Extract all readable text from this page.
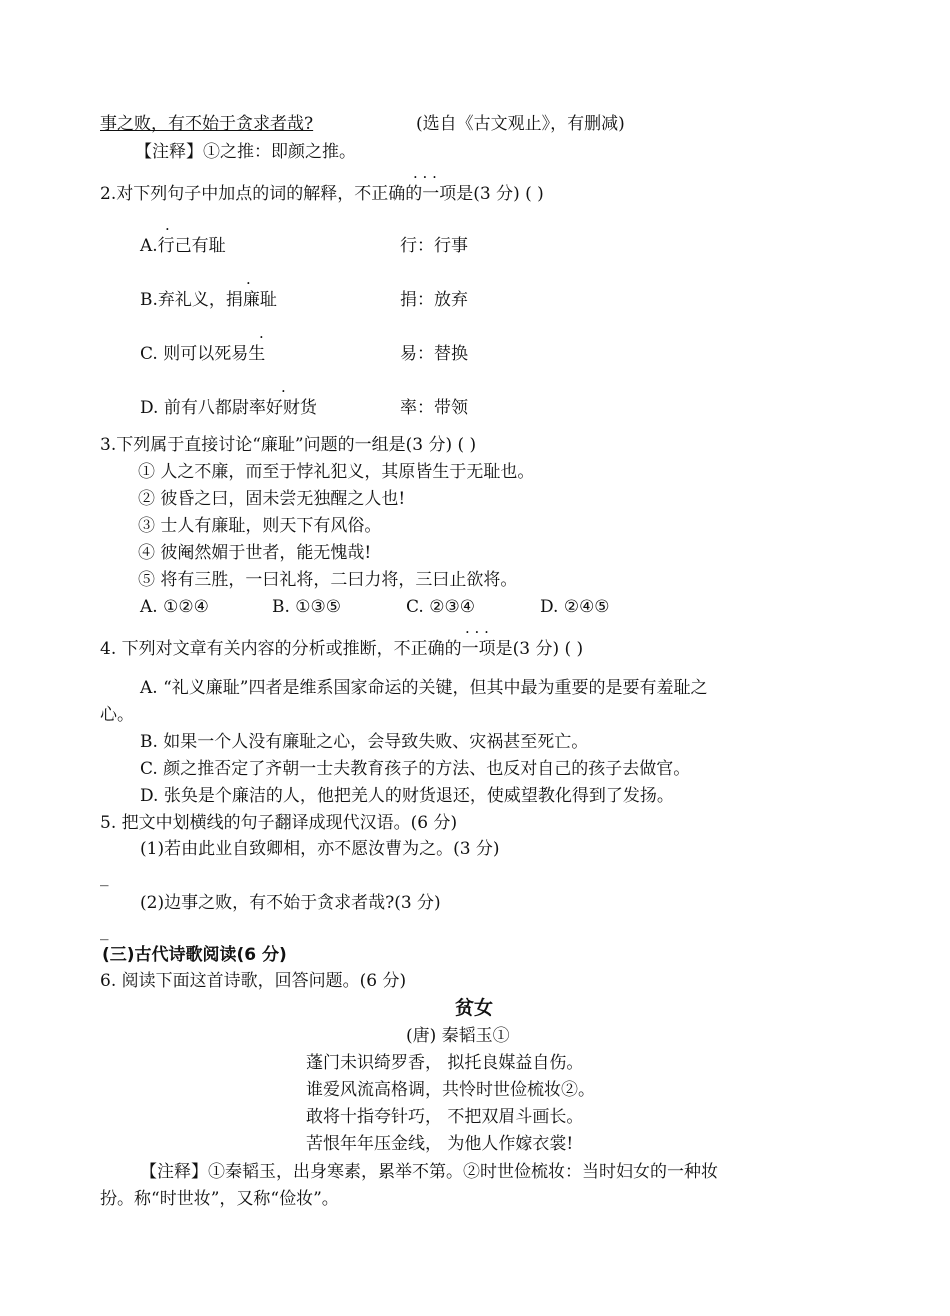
事之败，有不始于贪求者哉?	(选自《古文观止》，有删减)
【注释】①之推：即颜之推。
· · ·
2.对下列句子中加点的词的解释，不正确的一项是(3 分) ( )
·
A.行己有耻	行：行事
·
B.弃礼义，捐廉耻	捐：放弃
·
C. 则可以死易生	易：替换
·
D. 前有八都尉率好财货	率：带领
3.下列属于直接讨论“廉耻”问题的一组是(3 分) ( )
① 人之不廉，而至于悖礼犯义，其原皆生于无耻也。
② 彼昏之曰，固未尝无独醒之人也!
③ 士人有廉耻，则天下有风俗。
④ 彼阉然媚于世者，能无愧哉!
⑤ 将有三胜，一曰礼将，二曰力将，三曰止欲将。
A. ①②④	B. ①③⑤	C. ②③④	D. ②④⑤
· · ·
4. 下列对文章有关内容的分析或推断，不正确的一项是(3 分) ( )
A. “礼义廉耻”四者是维系国家命运的关键，但其中最为重要的是要有羞耻之
心。
B. 如果一个人没有廉耻之心，会导致失败、灾祸甚至死亡。
C. 颜之推否定了齐朝一士夫教育孩子的方法、也反对自己的孩子去做官。
D. 张奂是个廉洁的人，他把羌人的财货退还，使威望教化得到了发扬。
5. 把文中划横线的句子翻译成现代汉语。(6 分)
(1)若由此业自致卿相，亦不愿汝曹为之。(3 分)
_
(2)边事之败，有不始于贪求者哉?(3 分)
_
(三)古代诗歌阅读(6 分)
6. 阅读下面这首诗歌，回答问题。(6 分)
贫女
(唐) 秦韬玉①
蓬门未识绮罗香， 拟托良媒益自伤。
谁爱风流高格调，共怜时世俭梳妆②。
敢将十指夸针巧， 不把双眉斗画长。
苦恨年年压金线， 为他人作嫁衣裳!
【注释】①秦韬玉，出身寒素，累举不第。②时世俭梳妆：当时妇女的一种妆
扮。称“时世妆”，又称“俭妆”。
